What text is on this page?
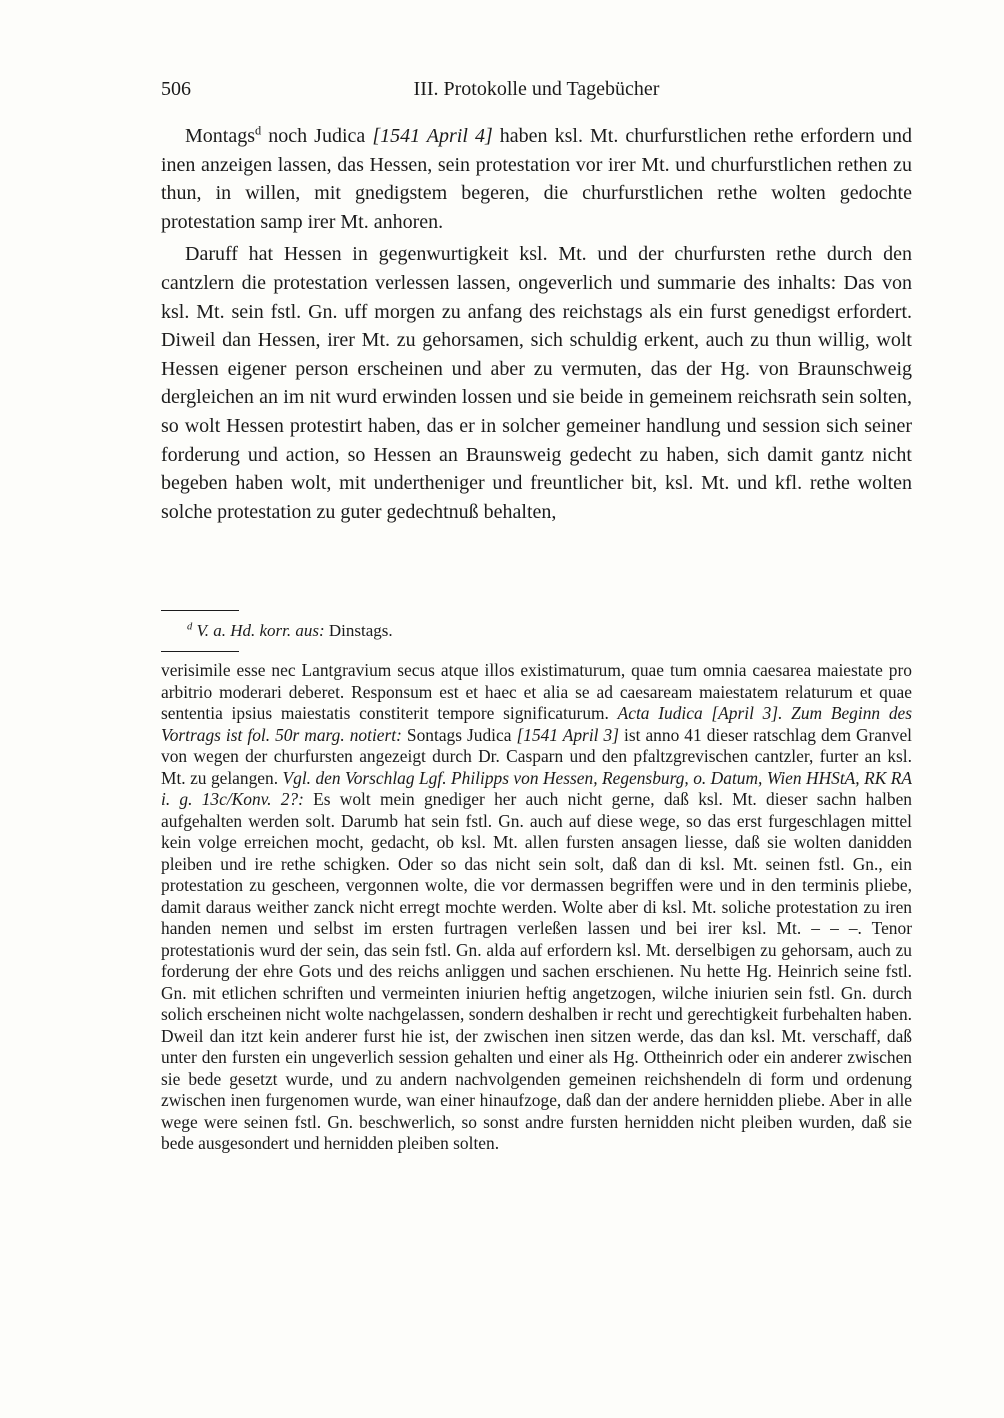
506	III. Protokolle und Tagebücher

Montags$^d$ noch Judica [1541 April 4] haben ksl. Mt. churfurstlichen rethe erfordern und inen anzeigen lassen, das Hessen, sein protestation vor irer Mt. und churfurstlichen rethen zu thun, in willen, mit gnedigstem begeren, die churfurstlichen rethe wolten gedochte protestation samp irer Mt. anhoren.

Daruff hat Hessen in gegenwurtigkeit ksl. Mt. und der churfursten rethe durch den cantzlern die protestation verlessen lassen, ongeverlich und summarie des inhalts: Das von ksl. Mt. sein fstl. Gn. uff morgen zu anfang des reichstags als ein furst genedigst erfordert. Diweil dan Hessen, irer Mt. zu gehorsamen, sich schuldig erkent, auch zu thun willig, wolt Hessen eigener person erscheinen und aber zu vermuten, das der Hg. von Braunschweig dergleichen an im nit wurd erwinden lossen und sie beide in gemeinem reichsrath sein solten, so wolt Hessen protestirt haben, das er in solcher gemeiner handlung und session sich seiner forderung und action, so Hessen an Braunsweig gedecht zu haben, sich damit gantz nicht begeben haben wolt, mit undertheniger und freuntlicher bit, ksl. Mt. und kfl. rethe wolten solche protestation zu guter gedechtnuß behalten,

$^d$ V. a. Hd. korr. aus: Dinstags.
verisimile esse nec Lantgravium secus atque illos existimaturum, quae tum omnia caesarea maiestate pro arbitrio moderari deberet. Responsum est et haec et alia se ad caesaream maiestatem relaturum et quae sententia ipsius maiestatis constiterit tempore significaturum. Acta Iudica [April 3]. Zum Beginn des Vortrags ist fol. 50r marg. notiert: Sontags Judica [1541 April 3] ist anno 41 dieser ratschlag dem Granvel von wegen der churfursten angezeigt durch Dr. Casparn und den pfaltzgrevischen cantzler, furter an ksl. Mt. zu gelangen. Vgl. den Vorschlag Lgf. Philipps von Hessen, Regensburg, o. Datum, Wien HHStA, RK RA i. g. 13c/Konv. 2?: Es wolt mein gnediger her auch nicht gerne, daß ksl. Mt. dieser sachn halben aufgehalten werden solt. Darumb hat sein fstl. Gn. auch auf diese wege, so das erst furgeschlagen mittel kein volge erreichen mocht, gedacht, ob ksl. Mt. allen fursten ansagen liesse, daß sie wolten danidden pleiben und ire rethe schigken. Oder so das nicht sein solt, daß dan di ksl. Mt. seinen fstl. Gn., ein protestation zu gescheen, vergonnen wolte, die vor dermassen begriffen were und in den terminis pliebe, damit daraus weither zanck nicht erregt mochte werden. Wolte aber di ksl. Mt. soliche protestation zu iren handen nemen und selbst im ersten furtragen verleßen lassen und bei irer ksl. Mt. – – –. Tenor protestationis wurd der sein, das sein fstl. Gn. alda auf erfordern ksl. Mt. derselbigen zu gehorsam, auch zu forderung der ehre Gots und des reichs anliggen und sachen erschienen. Nu hette Hg. Heinrich seine fstl. Gn. mit etlichen schriften und vermeinten iniurien heftig angetzogen, wilche iniurien sein fstl. Gn. durch solich erscheinen nicht wolte nachgelassen, sondern deshalben ir recht und gerechtigkeit furbehalten haben. Dweil dan itzt kein anderer furst hie ist, der zwischen inen sitzen werde, das dan ksl. Mt. verschaff, daß unter den fursten ein ungeverlich session gehalten und einer als Hg. Ottheinrich oder ein anderer zwischen sie bede gesetzt wurde, und zu andern nachvolgenden gemeinen reichshendeln di form und ordenung zwischen inen furgenomen wurde, wan einer hinaufzoge, daß dan der andere hernidden pliebe. Aber in alle wege were seinen fstl. Gn. beschwerlich, so sonst andre fursten hernidden nicht pleiben wurden, daß sie bede ausgesondert und hernidden pleiben solten.
